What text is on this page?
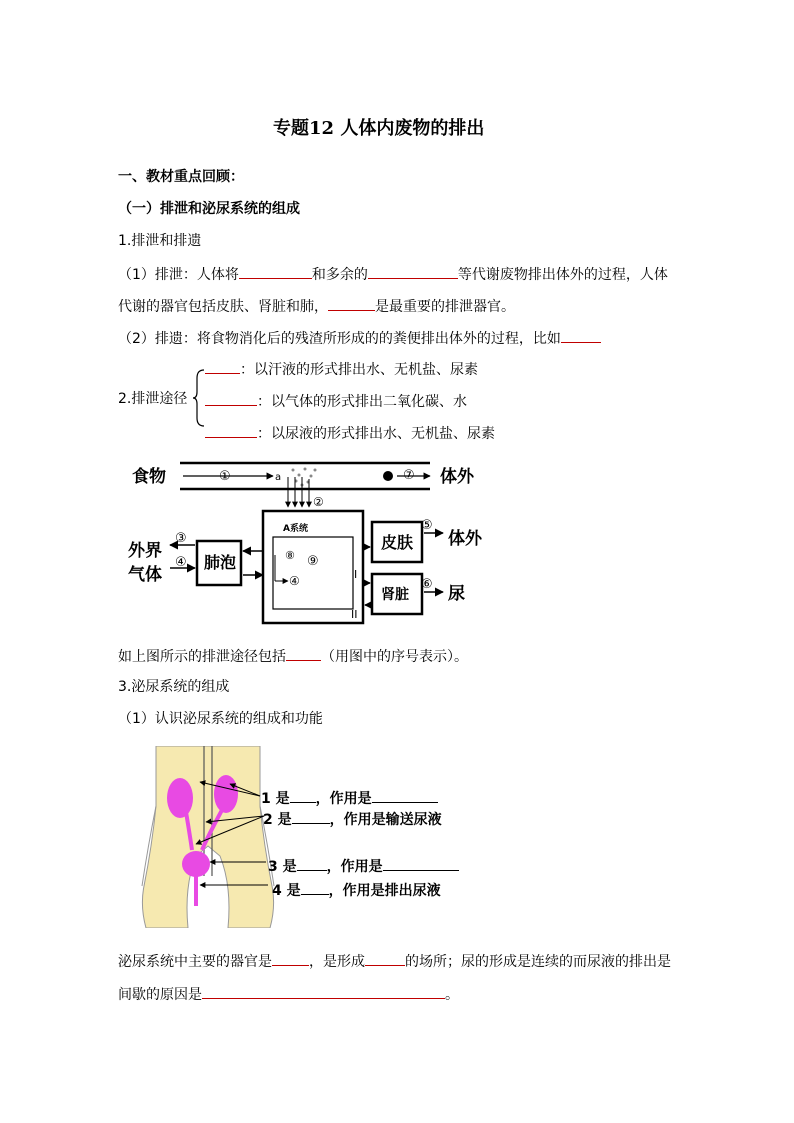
专题12 人体内废物的排出
一、教材重点回顾：
（一）排泄和泌尿系统的组成
1.排泄和排遗
（1）排泄：人体将	和多余的	等代谢废物排出体外的过程，人体
代谢的器官包括皮肤、肾脏和肺，	是最重要的排泄器官。
（2）排遗：将食物消化后的残渣所形成的的粪便排出体外的过程，比如
2.排泄途径
：以汗液的形式排出水、无机盐、尿素
：以气体的形式排出二氧化碳、水
：以尿液的形式排出水、无机盐、尿素
食物	体外
a
①	⑦
②
A系统
⑧ ⑨
④
外界
气体
③
④ 肺泡
皮肤
⑤
体外
肾脏
⑥ 尿
I
II
如上图所示的排泄途径包括	（用图中的序号表示）。
3.泌尿系统的组成
（1）认识泌尿系统的组成和功能
1 是 ，作用是
2 是	，作用是输送尿液
3 是 ，作用是
4 是 ，作用是排出尿液
泌尿系统中主要的器官是	，是形成	的场所；尿的形成是连续的而尿液的排出是
间歇的原因是	。
